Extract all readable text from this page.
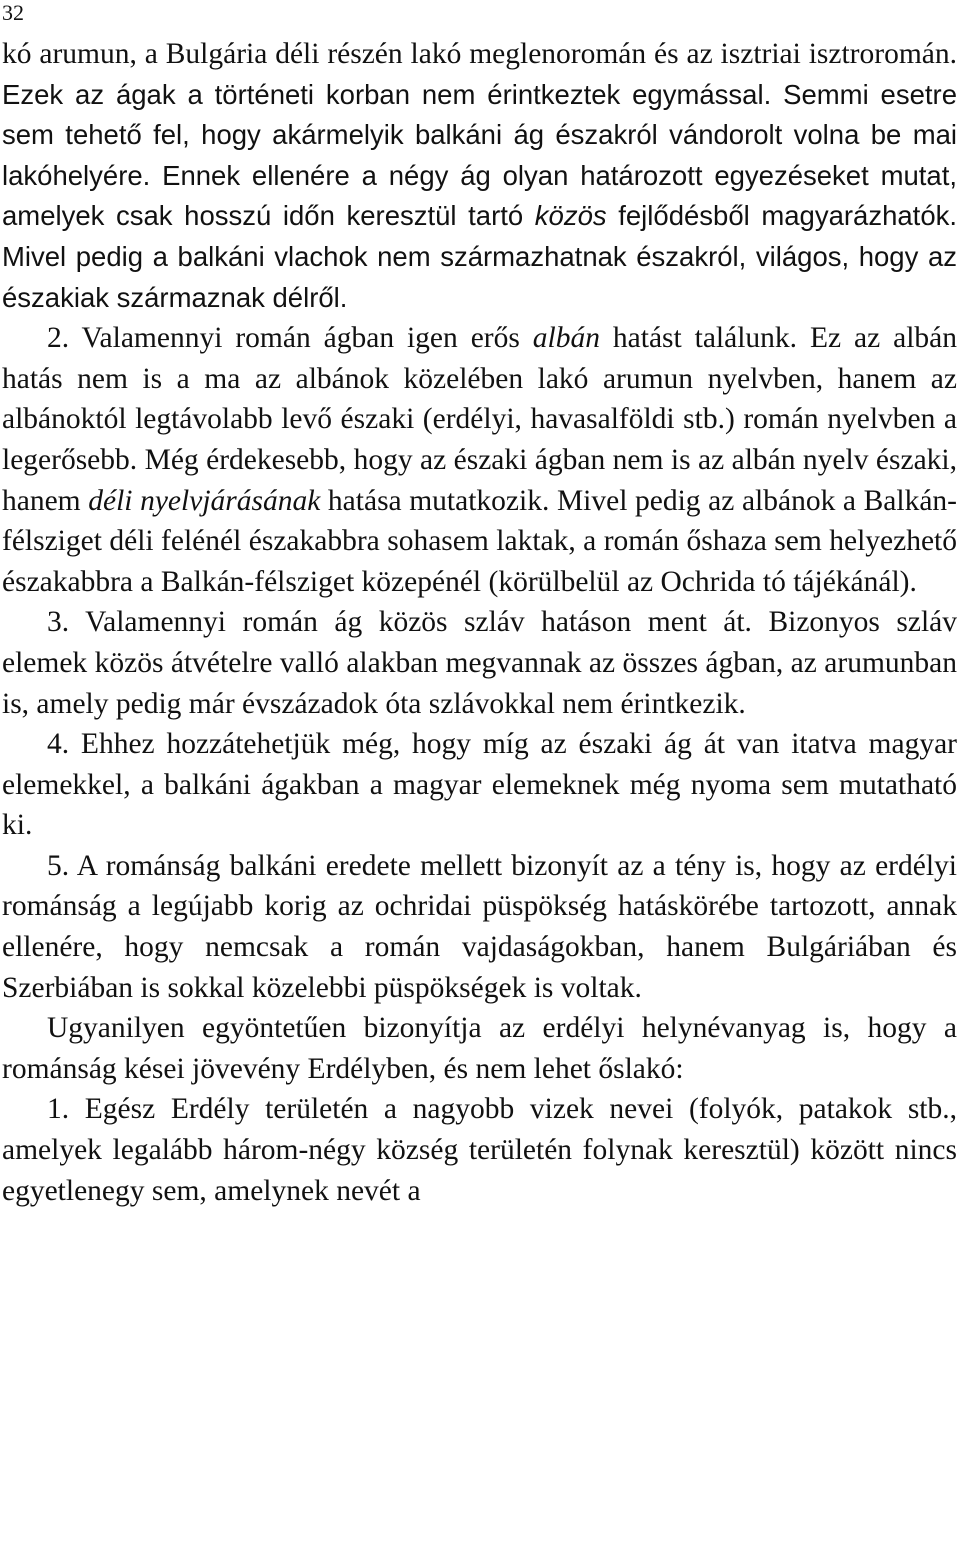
32

kó arumun, a Bulgária déli részén lakó meglenoromán és az isztriai isztroromán. Ezek az ágak a történeti korban nem érintkeztek egymással. Semmi esetre sem tehető fel, hogy akármelyik balkáni ág északról vándorolt volna be mai lakóhelyére. Ennek ellenére a négy ág olyan határozott egyezéseket mutat, amelyek csak hosszú időn keresztül tartó közös fejlődésből magyarázhatók. Mivel pedig a balkáni vlachok nem származhatnak északról, világos, hogy az északiak származnak délről.

2. Valamennyi román ágban igen erős albán hatást találunk. Ez az albán hatás nem is a ma az albánok közelében lakó arumun nyelvben, hanem az albánoktól legtávolabb levő északi (erdélyi, havasalföldi stb.) román nyelvben a legerősebb. Még érdekesebb, hogy az északi ágban nem is az albán nyelv északi, hanem déli nyelvjárásának hatása mutatkozik. Mivel pedig az albánok a Balkán-félsziget déli felénél északabbra sohasem laktak, a román őshaza sem helyezhető északabbra a Balkán-félsziget közepénél (körülbelül az Ochrida tó tájékánál).

3. Valamennyi román ág közös szláv hatáson ment át. Bizonyos szláv elemek közös átvételre valló alakban megvannak az összes ágban, az arumunban is, amely pedig már évszázadok óta szlávokkal nem érintkezik.

4. Ehhez hozzátehetjük még, hogy míg az északi ág át van itatva magyar elemekkel, a balkáni ágakban a magyar elemeknek még nyoma sem mutatható ki.

5. A románság balkáni eredete mellett bizonyít az a tény is, hogy az erdélyi románság a legújabb korig az ochridai püspökség hatáskörébe tartozott, annak ellenére, hogy nemcsak a román vajdaságokban, hanem Bulgáriában és Szerbiában is sokkal közelebbi püspökségek is voltak.

Ugyanilyen egyöntetűen bizonyítja az erdélyi helynévanyag is, hogy a románság kései jövevény Erdélyben, és nem lehet őslakó:

1. Egész Erdély területén a nagyobb vizek nevei (folyók, patakok stb., amelyek legalább három-négy község területén folynak keresztül) között nincs egyetlenegy sem, amelynek nevét a
